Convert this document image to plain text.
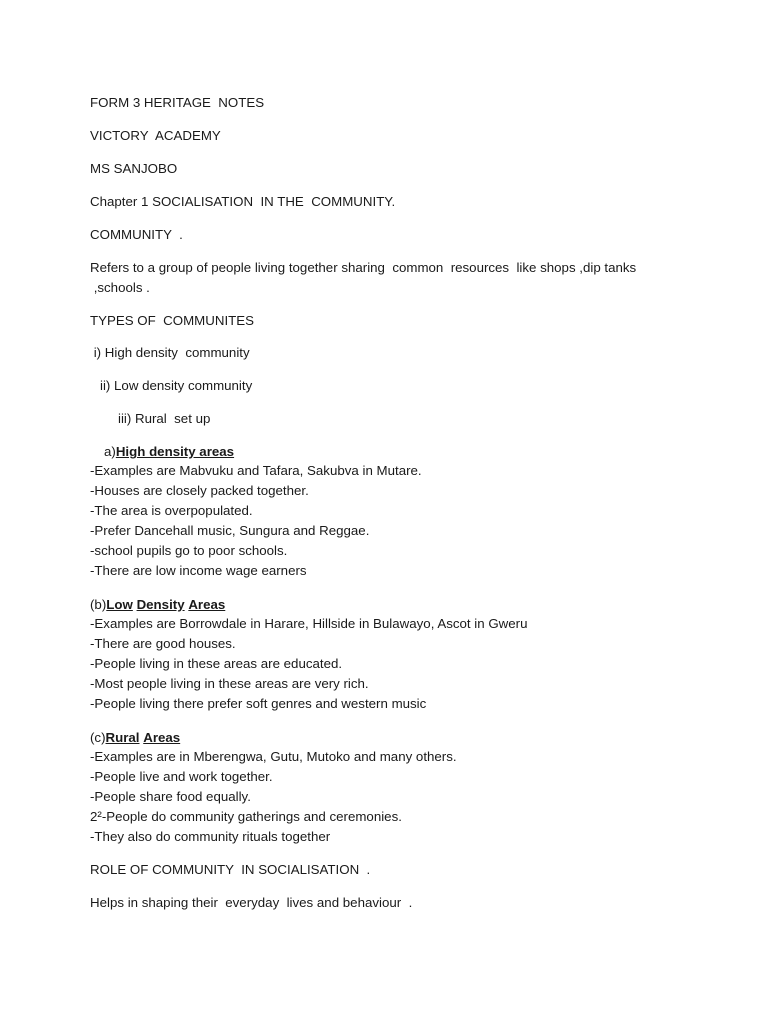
FORM 3 HERITAGE  NOTES

VICTORY  ACADEMY

MS SANJOBO

Chapter 1 SOCIALISATION  IN THE  COMMUNITY.

COMMUNITY  .

Refers to a group of people living together sharing  common  resources  like shops ,dip tanks

,schools .

TYPES OF  COMMUNITES

i) High density  community

ii) Low density community

iii) Rural  set up

a)High density areas

-Examples are Mabvuku and Tafara, Sakubva in Mutare.
-Houses are closely packed together.
-The area is overpopulated.
-Prefer Dancehall music, Sungura and Reggae.
-school pupils go to poor schools.
-There are low income wage earners

(b)Low Density Areas

-Examples are Borrowdale in Harare, Hillside in Bulawayo, Ascot in Gweru
-There are good houses.
-People living in these areas are educated.
-Most people living in these areas are very rich.
-People living there prefer soft genres and western music

(c)Rural Areas

-Examples are in Mberengwa, Gutu, Mutoko and many others.
-People live and work together.
-People share food equally.
2²-People do community gatherings and ceremonies.
-They also do community rituals together

ROLE OF COMMUNITY  IN SOCIALISATION  .

Helps in shaping their  everyday  lives and behaviour  .
